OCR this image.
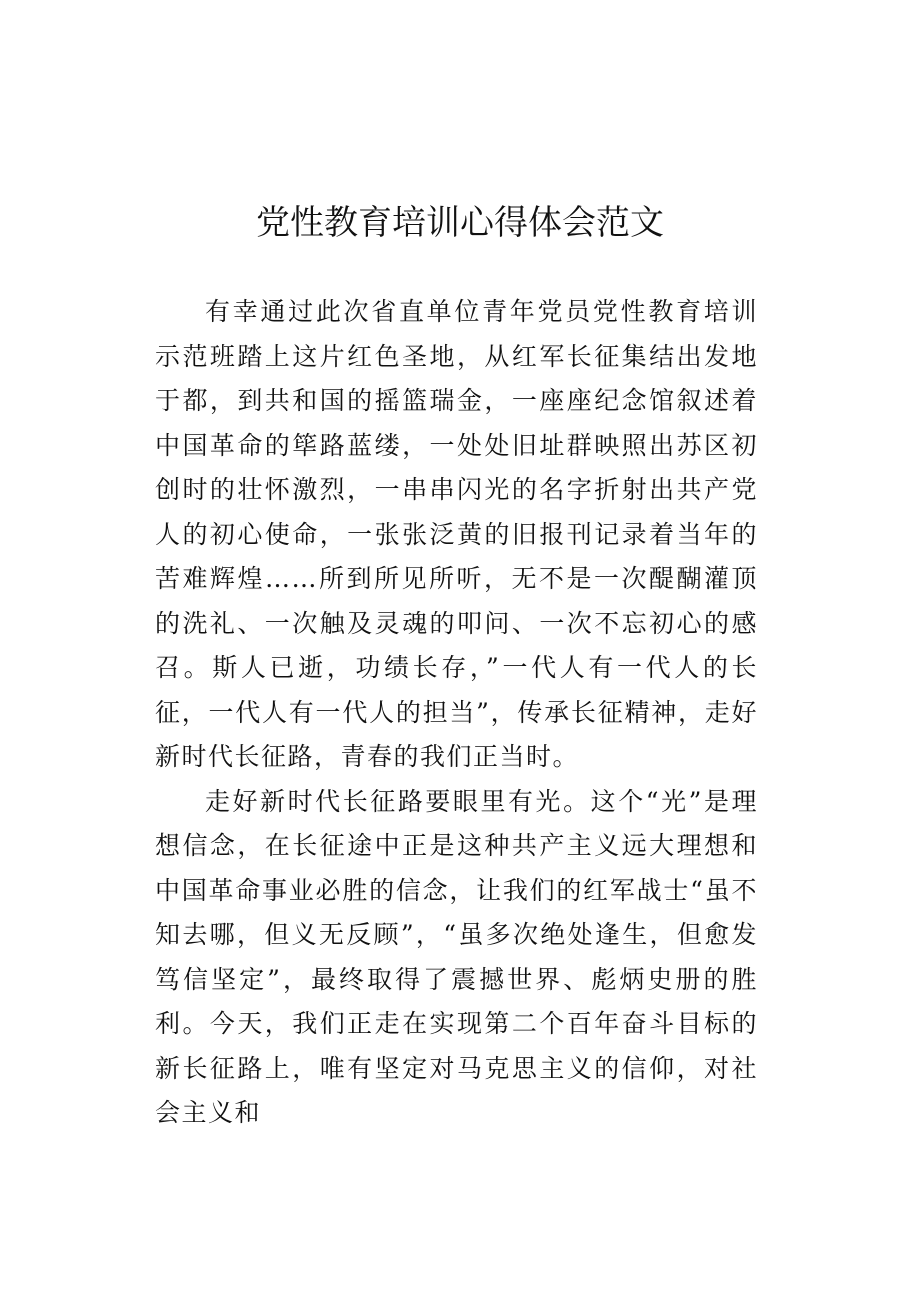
党性教育培训心得体会范文

有幸通过此次省直单位青年党员党性教育培训示范班踏上这片红色圣地，从红军长征集结出发地于都，到共和国的摇篮瑞金，一座座纪念馆叙述着中国革命的筚路蓝缕，一处处旧址群映照出苏区初创时的壮怀激烈，一串串闪光的名字折射出共产党人的初心使命，一张张泛黄的旧报刊记录着当年的苦难辉煌……所到所见所听，无不是一次醍醐灌顶的洗礼、一次触及灵魂的叩问、一次不忘初心的感召。斯人已逝，功绩长存，”一代人有一代人的长征，一代人有一代人的担当”，传承长征精神，走好新时代长征路，青春的我们正当时。

走好新时代长征路要眼里有光。这个“光”是理想信念，在长征途中正是这种共产主义远大理想和中国革命事业必胜的信念，让我们的红军战士“虽不知去哪，但义无反顾”，“虽多次绝处逢生，但愈发笃信坚定”，最终取得了震撼世界、彪炳史册的胜利。今天，我们正走在实现第二个百年奋斗目标的新长征路上，唯有坚定对马克思主义的信仰，对社会主义和
